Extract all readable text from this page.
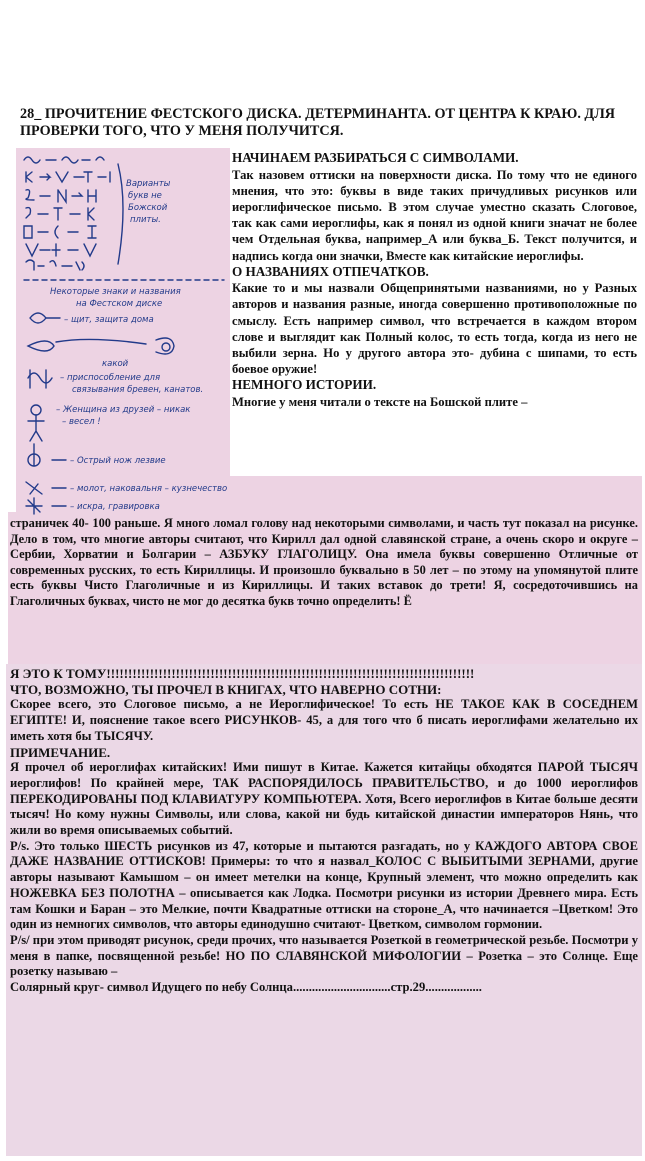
28_ ПРОЧИТЕНИЕ ФЕСТСКОГО ДИСКА. ДЕТЕРМИНАНТА. ОТ ЦЕНТРА К КРАЮ. ДЛЯ ПРОВЕРКИ ТОГО, ЧТО У МЕНЯ ПОЛУЧИТСЯ.
Варианты
букв не
Божской
плиты.
Некоторые знаки и названия
на Фестском диске
– щит, защита дома
какой
– приспособление для
связывания бревен, канатов.
– Женщина из друзей – никак
– весел !
– Острый нож лезвие
– молот, наковальня – кузнечество
– искра, гравировка
НАЧИНАЕМ РАЗБИРАТЬСЯ С СИМВОЛАМИ.

Так назовем оттиски на поверхности диска. По тому что не единого мнения, что это: буквы в виде таких причудливых рисунков или иероглифическое письмо. В этом случае уместно сказать Слоговое, так как сами иероглифы, как я понял из одной книги значат не более чем Отдельная буква, например_А или буква_Б. Текст получится, и надпись когда они значки, Вместе как китайские иероглифы.

О НАЗВАНИЯХ ОТПЕЧАТКОВ.

Какие то и мы назвали Общепринятыми названиями, но у Разных авторов и названия разные, иногда совершенно противоположные по смыслу. Есть например символ, что встречается в каждом втором слове и выглядит как Полный колос, то есть тогда, когда из него не выбили зерна. Но у другого автора это- дубина с шипами, то есть боевое оружие!

НЕМНОГО ИСТОРИИ.

Многие у меня читали о тексте на Бошской плите –

страничек 40- 100 раньше. Я много ломал голову над некоторыми символами, и часть тут показал на рисунке. Дело в том, что многие авторы считают, что Кирилл дал одной славянской стране, а очень скоро и округе – Сербии, Хорватии и Болгарии – АЗБУКУ ГЛАГОЛИЦУ. Она имела буквы совершенно Отличные от современных русских, то есть Кириллицы. И произошло буквально в 50 лет – по этому на упомянутой плите есть буквы Чисто Глаголичные и из Кириллицы. И таких вставок до трети! Я, сосредоточившись на Глаголичных буквах, чисто не мог до десятка букв точно определить! Ё

Я ЭТО К ТОМУ!!!!!!!!!!!!!!!!!!!!!!!!!!!!!!!!!!!!!!!!!!!!!!!!!!!!!!!!!!!!!!!!!!!!!!!!!!!!!!!!!!!!!

ЧТО, ВОЗМОЖНО, ТЫ ПРОЧЕЛ В КНИГАХ, ЧТО НАВЕРНО СОТНИ:

Скорее всего, это Слоговое письмо, а не Иероглифическое! То есть НЕ ТАКОЕ КАК В СОСЕДНЕМ ЕГИПТЕ! И, пояснение такое всего РИСУНКОВ- 45, а для того что б писать иероглифами желательно их иметь хотя бы ТЫСЯЧУ.

ПРИМЕЧАНИЕ.

Я прочел об иероглифах китайских! Ими пишут в Китае. Кажется китайцы обходятся ПАРОЙ ТЫСЯЧ иероглифов! По крайней мере, ТАК РАСПОРЯДИЛОСЬ ПРАВИТЕЛЬСТВО, и до 1000 иероглифов ПЕРЕКОДИРОВАНЫ ПОД КЛАВИАТУРУ КОМПЬЮТЕРА. Хотя, Всего иероглифов в Китае больше десяти тысяч! Но кому нужны Символы, или слова, какой ни будь китайской династии императоров Нянь, что жили во время описываемых событий.

P/s. Это только ШЕСТЬ рисунков из 47, которые и пытаются разгадать, но у КАЖДОГО АВТОРА СВОЕ ДАЖЕ НАЗВАНИЕ ОТТИСКОВ! Примеры: то что я назвал_КОЛОС С ВЫБИТЫМИ ЗЕРНАМИ, другие авторы называют Камышом – он имеет метелки на конце, Крупный элемент, что можно определить как НОЖЕВКА БЕЗ ПОЛОТНА – описывается как Лодка. Посмотри рисунки из истории Древнего мира. Есть там Кошки и Баран – это Мелкие, почти Квадратные оттиски на стороне_А, что начинается –Цветком! Это один из немногих символов, что авторы единодушно считают- Цветком, символом гормонии.

P/s/ при этом приводят рисунок, среди прочих, что называется Розеткой в геометрической резьбе. Посмотри у меня в папке, посвященной резьбе! НО ПО СЛАВЯНСКОЙ МИФОЛОГИИ – Розетка – это Солнце. Еще розетку называю –

Солярный круг- символ Идущего по небу Солнца...............................стр.29..................
